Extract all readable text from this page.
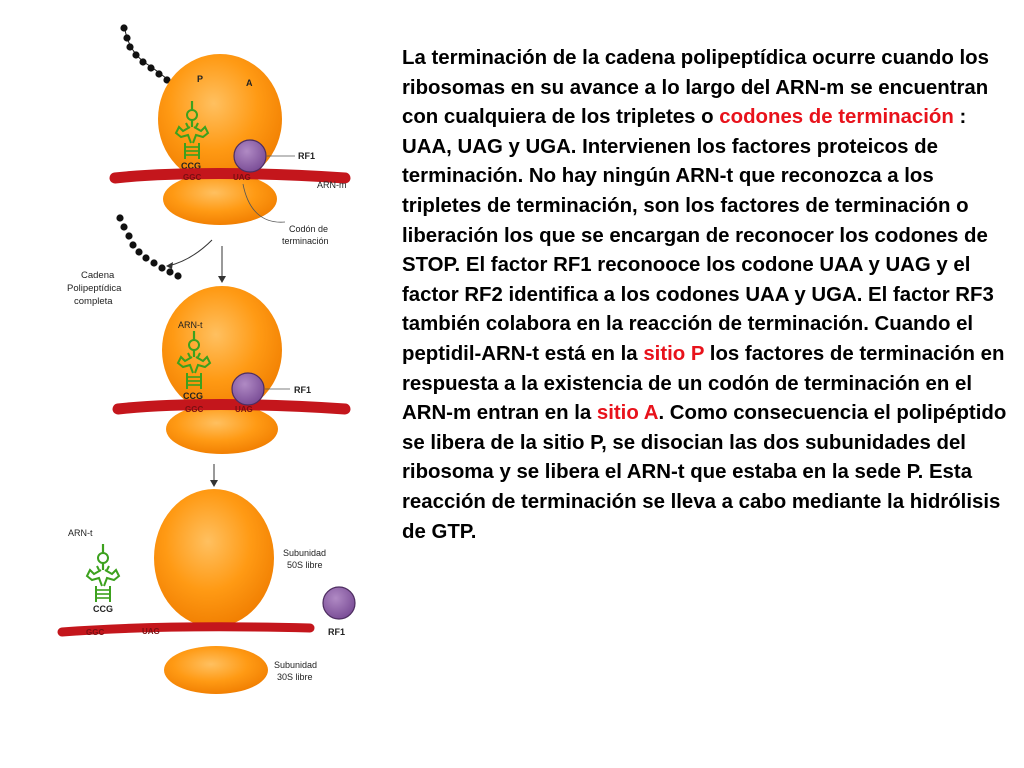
P	A
CCG
GGC	UAG
RF1
ARN-m
Codón de
terminación
Cadena
Polipeptídica
completa
ARN-t
CCG
GGC	UAG
RF1
Subunidad
50S libre
ARN-t
CCG
RF1
GGC	UAG
Subunidad
30S libre

La terminación de la cadena polipeptídica ocurre cuando los ribosomas en su avance a lo largo del ARN-m se encuentran con cualquiera de los tripletes o codones de terminación : UAA, UAG y UGA. Intervienen los factores proteicos de terminación. No hay ningún ARN-t que reconozca a los tripletes de terminación, son los factores de terminación o liberación los que se encargan de reconocer los codones de STOP. El factor RF1 reconooce los codone UAA y UAG y el factor RF2 identifica a los codones UAA y UGA. El factor RF3 también colabora en la reacción de terminación. Cuando el peptidil-ARN-t está en la sitio P los factores de terminación en respuesta a la existencia de un codón de terminación en el ARN-m entran en la sitio A. Como consecuencia el polipéptido se libera de la sitio P, se disocian las dos subunidades del ribosoma y se libera el ARN-t que estaba en la sede P. Esta reacción de terminación se lleva a cabo mediante la hidrólisis de GTP.
